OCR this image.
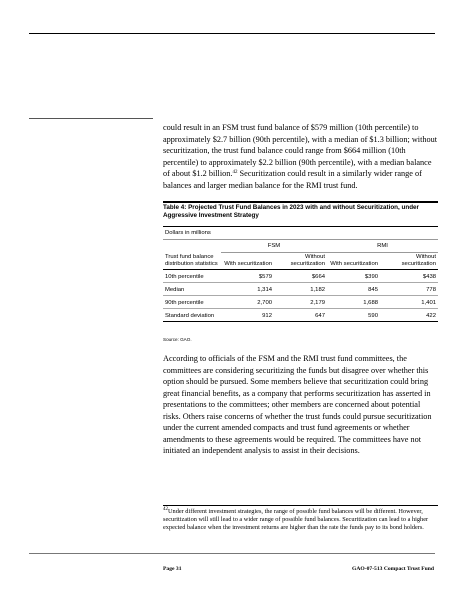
could result in an FSM trust fund balance of $579 million (10th percentile) to approximately $2.7 billion (90th percentile), with a median of $1.3 billion; without securitization, the trust fund balance could range from $664 million (10th percentile) to approximately $2.2 billion (90th percentile), with a median balance of about $1.2 billion.$^{42}$ Securitization could result in a similarly wider range of balances and larger median balance for the RMI trust fund.

Table 4: Projected Trust Fund Balances in 2023 with and without Securitization, under Aggressive Investment Strategy
Dollars in millions				
	FSM		RMI	
Trust fund balance distribution statistics	With securitization	Without securitization	With securitization	Without securitization
10th percentile	$579	$664	$390	$438
Median	1,314	1,182	845	778
90th percentile	2,700	2,179	1,688	1,401
Standard deviation	912	647	590	422
Source: GAO.

According to officials of the FSM and the RMI trust fund committees, the committees are considering securitizing the funds but disagree over whether this option should be pursued. Some members believe that securitization could bring great financial benefits, as a company that performs securitization has asserted in presentations to the committees; other members are concerned about potential risks. Others raise concerns of whether the trust funds could pursue securitization under the current amended compacts and trust fund agreements or whether amendments to these agreements would be required. The committees have not initiated an independent analysis to assist in their decisions.

$^{42}$Under different investment strategies, the range of possible fund balances will be different. However, securitization will still lead to a wider range of possible fund balances. Securitization can lead to a higher expected balance when the investment returns are higher than the rate the funds pay to its bond holders.

Page 31	GAO-07-513 Compact Trust Fund
